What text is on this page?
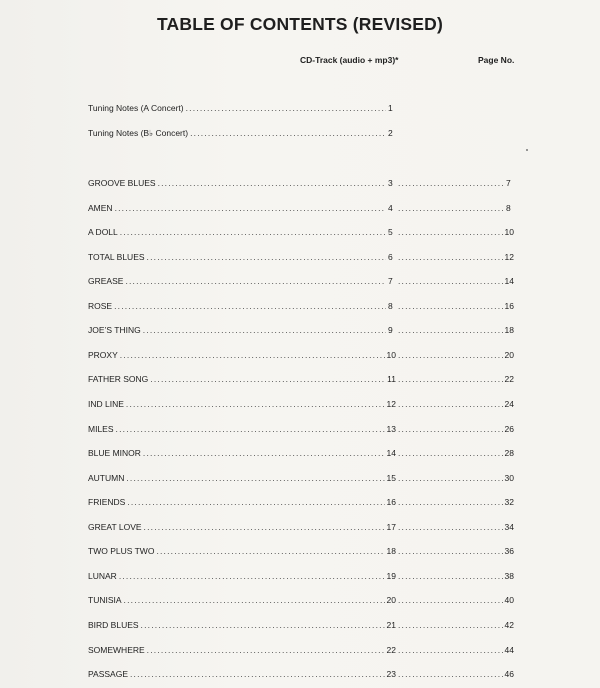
TABLE OF CONTENTS (REVISED)
CD-Track (audio + mp3)*	Page No.
Tuning Notes (A Concert) .....	1
Tuning Notes (B♭ Concert) .....	2
GROOVE BLUES .....	3 .....	7
AMEN .....	4 .....	8
A DOLL .....	5 .....	10
TOTAL BLUES .....	6 .....	12
GREASE .....	7 .....	14
ROSE .....	8 .....	16
JOE’S THING .....	9 .....	18
PROXY .....	10 .....	20
FATHER SONG .....	11 .....	22
IND LINE .....	12 .....	24
MILES .....	13 .....	26
BLUE MINOR .....	14 .....	28
AUTUMN .....	15 .....	30
FRIENDS .....	16 .....	32
GREAT LOVE .....	17 .....	34
TWO PLUS TWO .....	18 .....	36
LUNAR .....	19 .....	38
TUNISIA .....	20 .....	40
BIRD BLUES .....	21 .....	42
SOMEWHERE .....	22 .....	44
PASSAGE .....	23 .....	46
